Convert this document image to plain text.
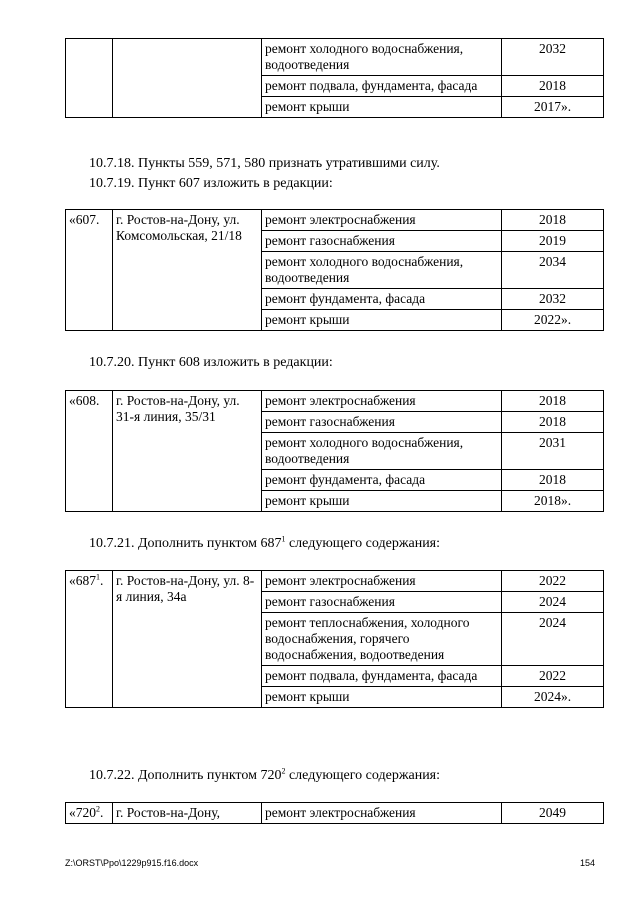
		ремонт холодного водоснабжения, водоотведения	2032
		ремонт подвала, фундамента, фасада	2018
		ремонт крыши	2017».

10.7.18. Пункты 559, 571, 580 признать утратившими силу.

10.7.19. Пункт 607 изложить в редакции:

«607.	г. Ростов-на-Дону, ул. Комсомольская, 21/18	ремонт электроснабжения	2018
		ремонт газоснабжения	2019
		ремонт холодного водоснабжения, водоотведения	2034
		ремонт фундамента, фасада	2032
		ремонт крыши	2022».

10.7.20. Пункт 608 изложить в редакции:

«608.	г. Ростов-на-Дону, ул. 31-я линия, 35/31	ремонт электроснабжения	2018
		ремонт газоснабжения	2018
		ремонт холодного водоснабжения, водоотведения	2031
		ремонт фундамента, фасада	2018
		ремонт крыши	2018».

10.7.21. Дополнить пунктом $687^1$ следующего содержания:

«$687^1$.	г. Ростов-на-Дону, ул. 8-я линия, 34а	ремонт электроснабжения	2022
		ремонт газоснабжения	2024
		ремонт теплоснабжения, холодного водоснабжения, горячего водоснабжения, водоотведения	2024
		ремонт подвала, фундамента, фасада	2022
		ремонт крыши	2024».

10.7.22. Дополнить пунктом $720^2$ следующего содержания:

«$720^2$.	г. Ростов-на-Дону,	ремонт электроснабжения	2049
Z:\ORST\Ppo\1229p915.f16.docx	154
